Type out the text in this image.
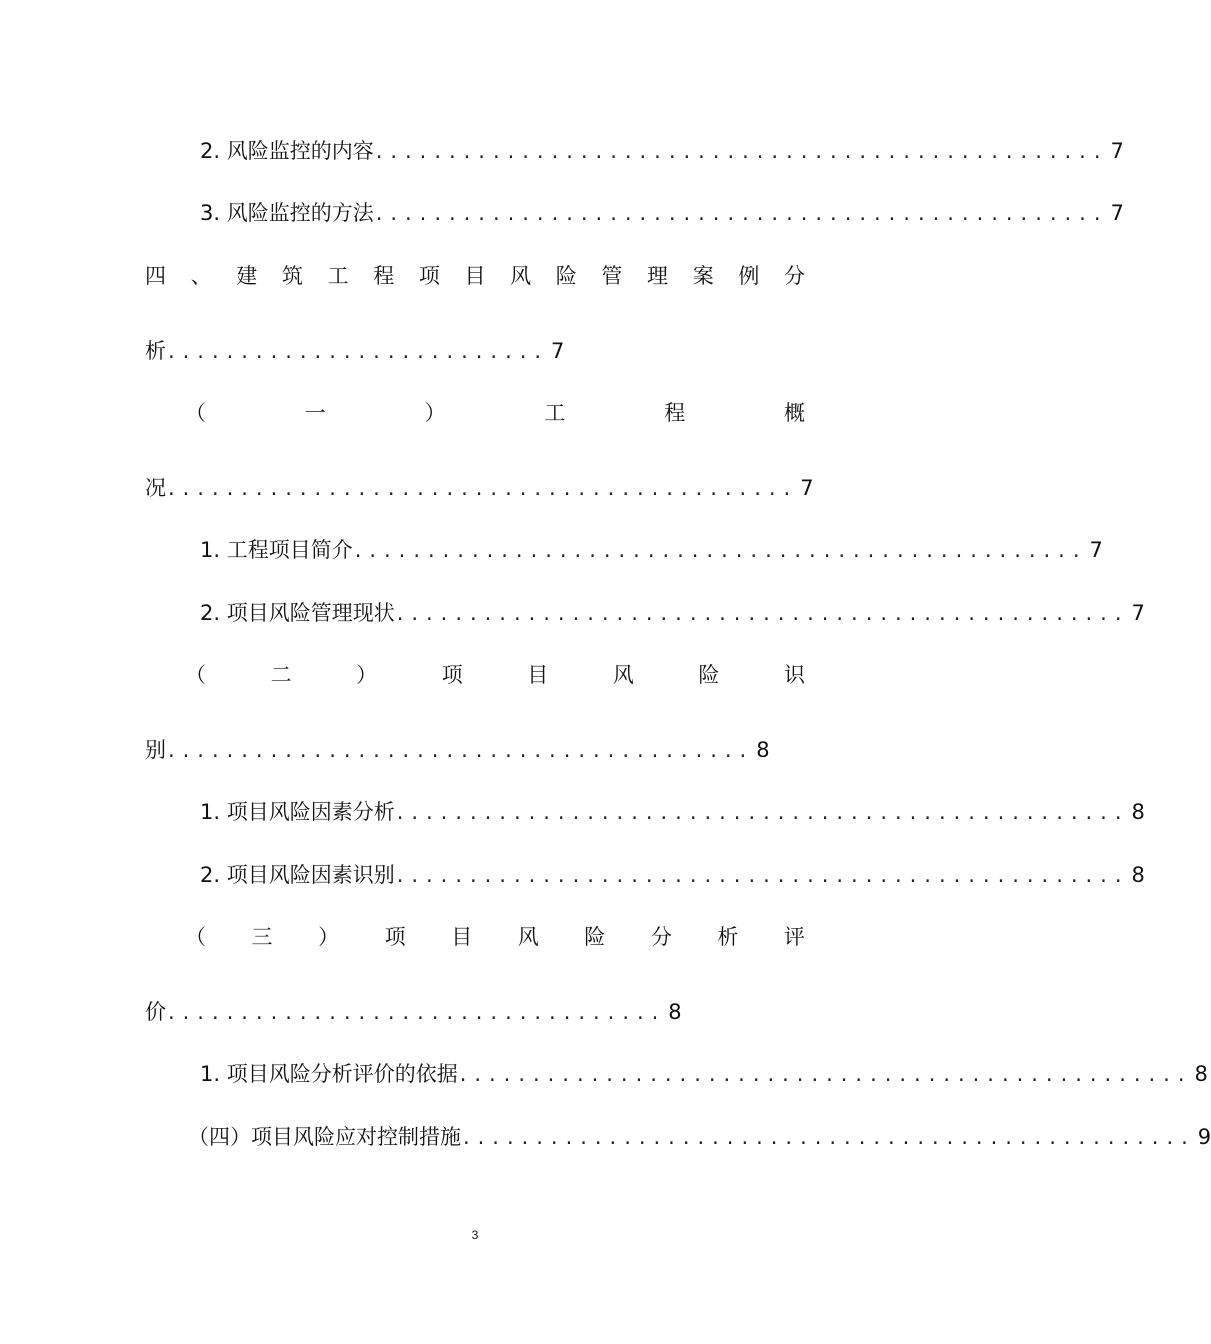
2. 风险监控的内容 .................................................. 7
3. 风险监控的方法 .................................................. 7
四 、 建 筑 工 程 项 目 风 险 管 理 案 例 分
析 .......................... 7
（	一	）	工	程	概
况 ........................................... 7
1. 工程项目简介 .................................................. 7
2. 项目风险管理现状 .................................................. 7
（	二	）	项	目	风	险	识
别 ........................................ 8
1. 项目风险因素分析 .................................................. 8
2. 项目风险因素识别 .................................................. 8
（ 三 ） 项 目 风 险 分 析 评
价 .................................. 8
1. 项目风险分析评价的依据 .................................................. 8
（四）项目风险应对控制措施 .................................................. 9
3
